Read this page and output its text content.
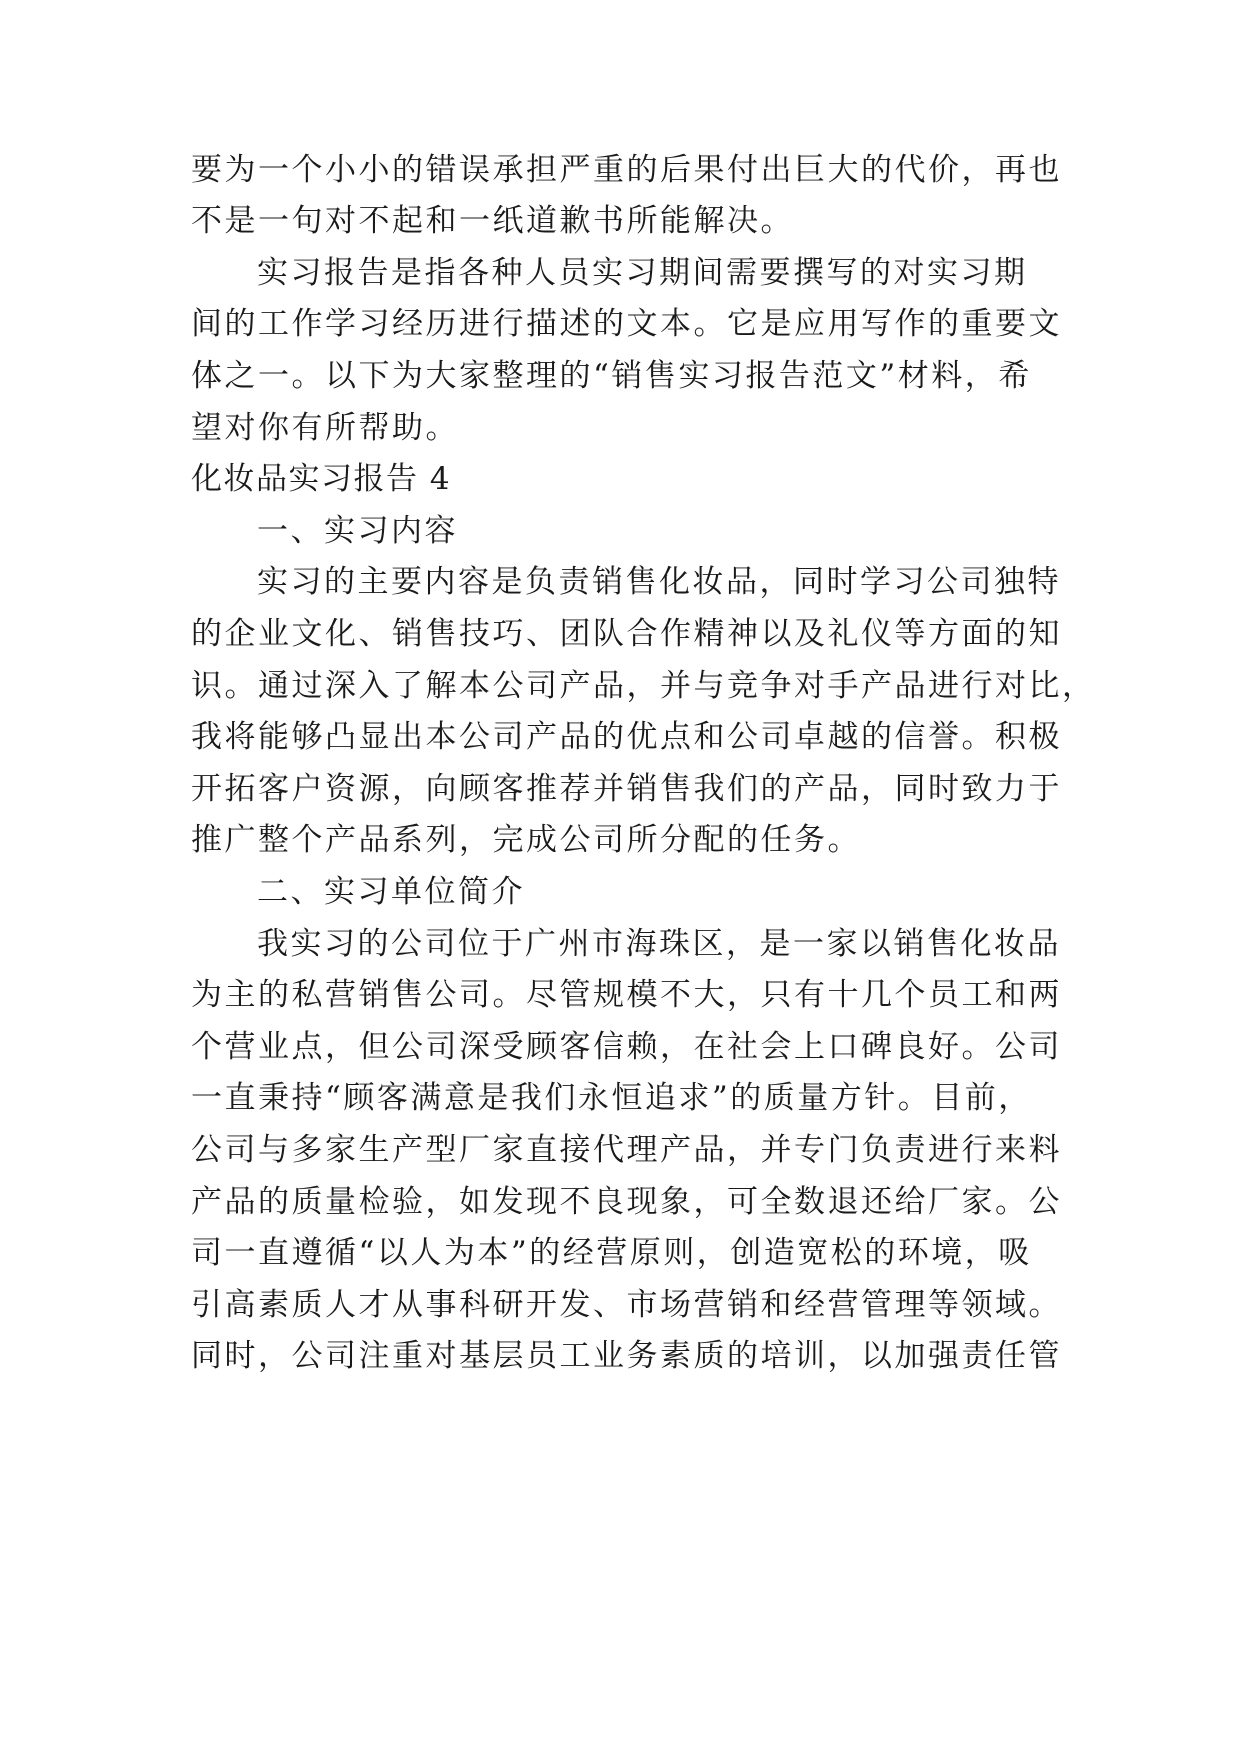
要为一个小小的错误承担严重的后果付出巨大的代价，再也
不是一句对不起和一纸道歉书所能解决。
实习报告是指各种人员实习期间需要撰写的对实习期
间的工作学习经历进行描述的文本。它是应用写作的重要文
体之一。以下为大家整理的“销售实习报告范文”材料，希
望对你有所帮助。
化妆品实习报告 4
一、实习内容
实习的主要内容是负责销售化妆品，同时学习公司独特
的企业文化、销售技巧、团队合作精神以及礼仪等方面的知
识。通过深入了解本公司产品，并与竞争对手产品进行对比，
我将能够凸显出本公司产品的优点和公司卓越的信誉。积极
开拓客户资源，向顾客推荐并销售我们的产品，同时致力于
推广整个产品系列，完成公司所分配的任务。
二、实习单位简介
我实习的公司位于广州市海珠区，是一家以销售化妆品
为主的私营销售公司。尽管规模不大，只有十几个员工和两
个营业点，但公司深受顾客信赖，在社会上口碑良好。公司
一直秉持“顾客满意是我们永恒追求”的质量方针。目前，
公司与多家生产型厂家直接代理产品，并专门负责进行来料
产品的质量检验，如发现不良现象，可全数退还给厂家。公
司一直遵循“以人为本”的经营原则，创造宽松的环境，吸
引高素质人才从事科研开发、市场营销和经营管理等领域。
同时，公司注重对基层员工业务素质的培训，以加强责任管
